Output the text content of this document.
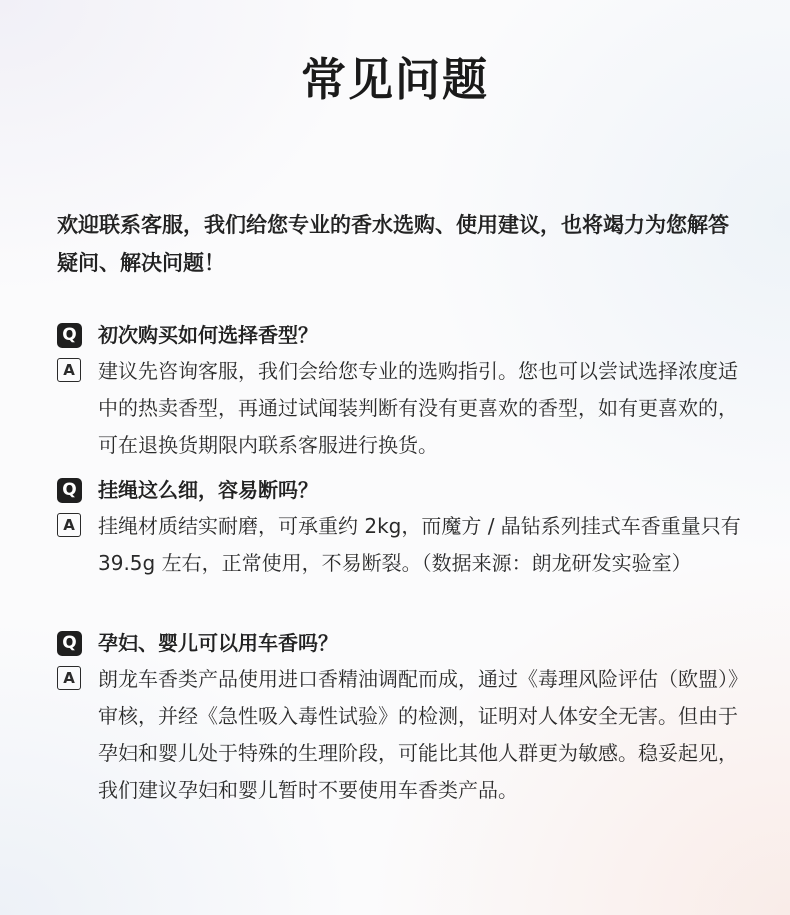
常见问题
欢迎联系客服，我们给您专业的香水选购、使用建议，也将竭力为您解答疑问、解决问题！
Q 初次购买如何选择香型？
A	建议先咨询客服，我们会给您专业的选购指引。您也可以尝试选择浓度适中的热卖香型，再通过试闻装判断有没有更喜欢的香型，如有更喜欢的，可在退换货期限内联系客服进行换货。
Q 挂绳这么细，容易断吗？
A	挂绳材质结实耐磨，可承重约 2kg，而魔方 / 晶钻系列挂式车香重量只有 39.5g 左右，正常使用，不易断裂。（数据来源：朗龙研发实验室）
Q 孕妇、婴儿可以用车香吗？
A	朗龙车香类产品使用进口香精油调配而成，通过《毒理风险评估（欧盟）》审核，并经《急性吸入毒性试验》的检测，证明对人体安全无害。但由于孕妇和婴儿处于特殊的生理阶段，可能比其他人群更为敏感。稳妥起见，我们建议孕妇和婴儿暂时不要使用车香类产品。
